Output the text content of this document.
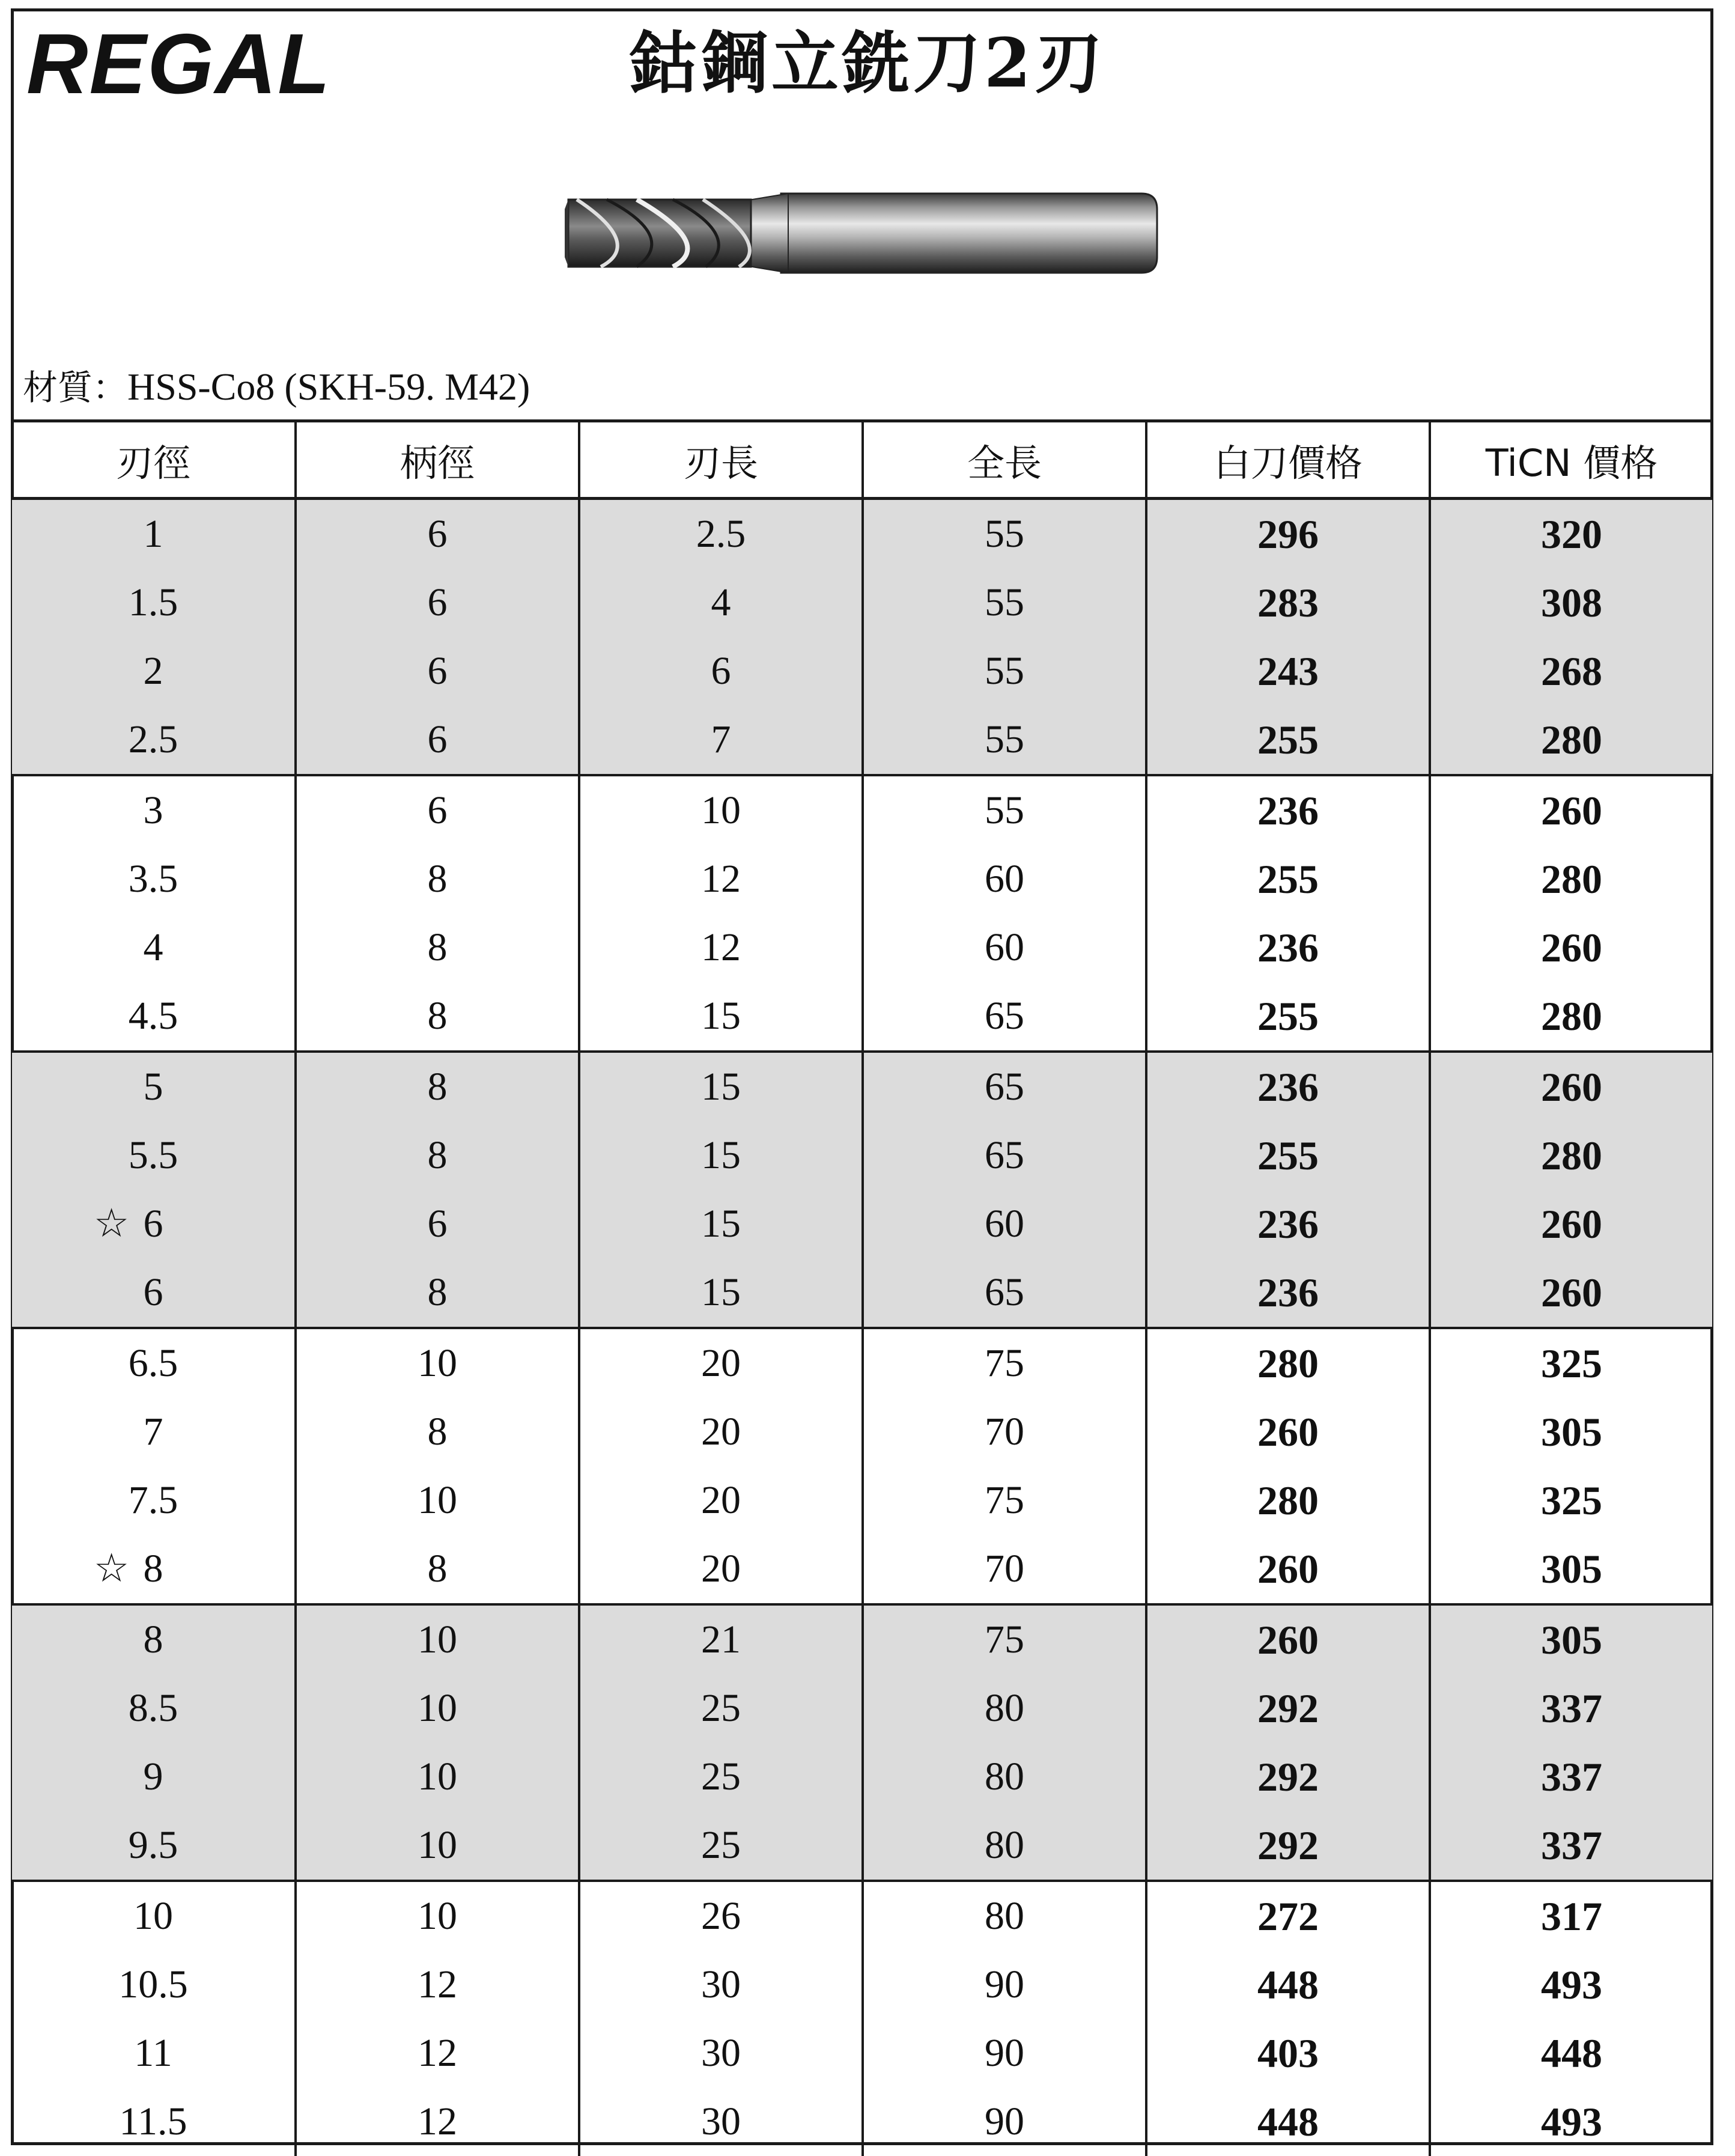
REGAL	鈷鋼立銑刀2刃
材質：HSS-Co8 (SKH-59. M42)
刃徑	柄徑	刃長	全長	白刀價格	TiCN 價格
1	6	2.5	55	296	320
1.5	6	4	55	283	308
2	6	6	55	243	268
2.5	6	7	55	255	280
3	6	10	55	236	260
3.5	8	12	60	255	280
4	8	12	60	236	260
4.5	8	15	65	255	280
5	8	15	65	236	260
5.5	8	15	65	255	280

☆ 6	6	15	60	236	260
6	8	15	65	236	260
6.5	10	20	75	280	325
7	8	20	70	260	305
7.5	10	20	75	280	325

☆ 8	8	20	70	260	305
8	10	21	75	260	305
8.5	10	25	80	292	337
9	10	25	80	292	337
9.5	10	25	80	292	337
10	10	26	80	272	317
10.5	12	30	90	448	493
11	12	30	90	403	448
11.5	12	30	90	448	493
